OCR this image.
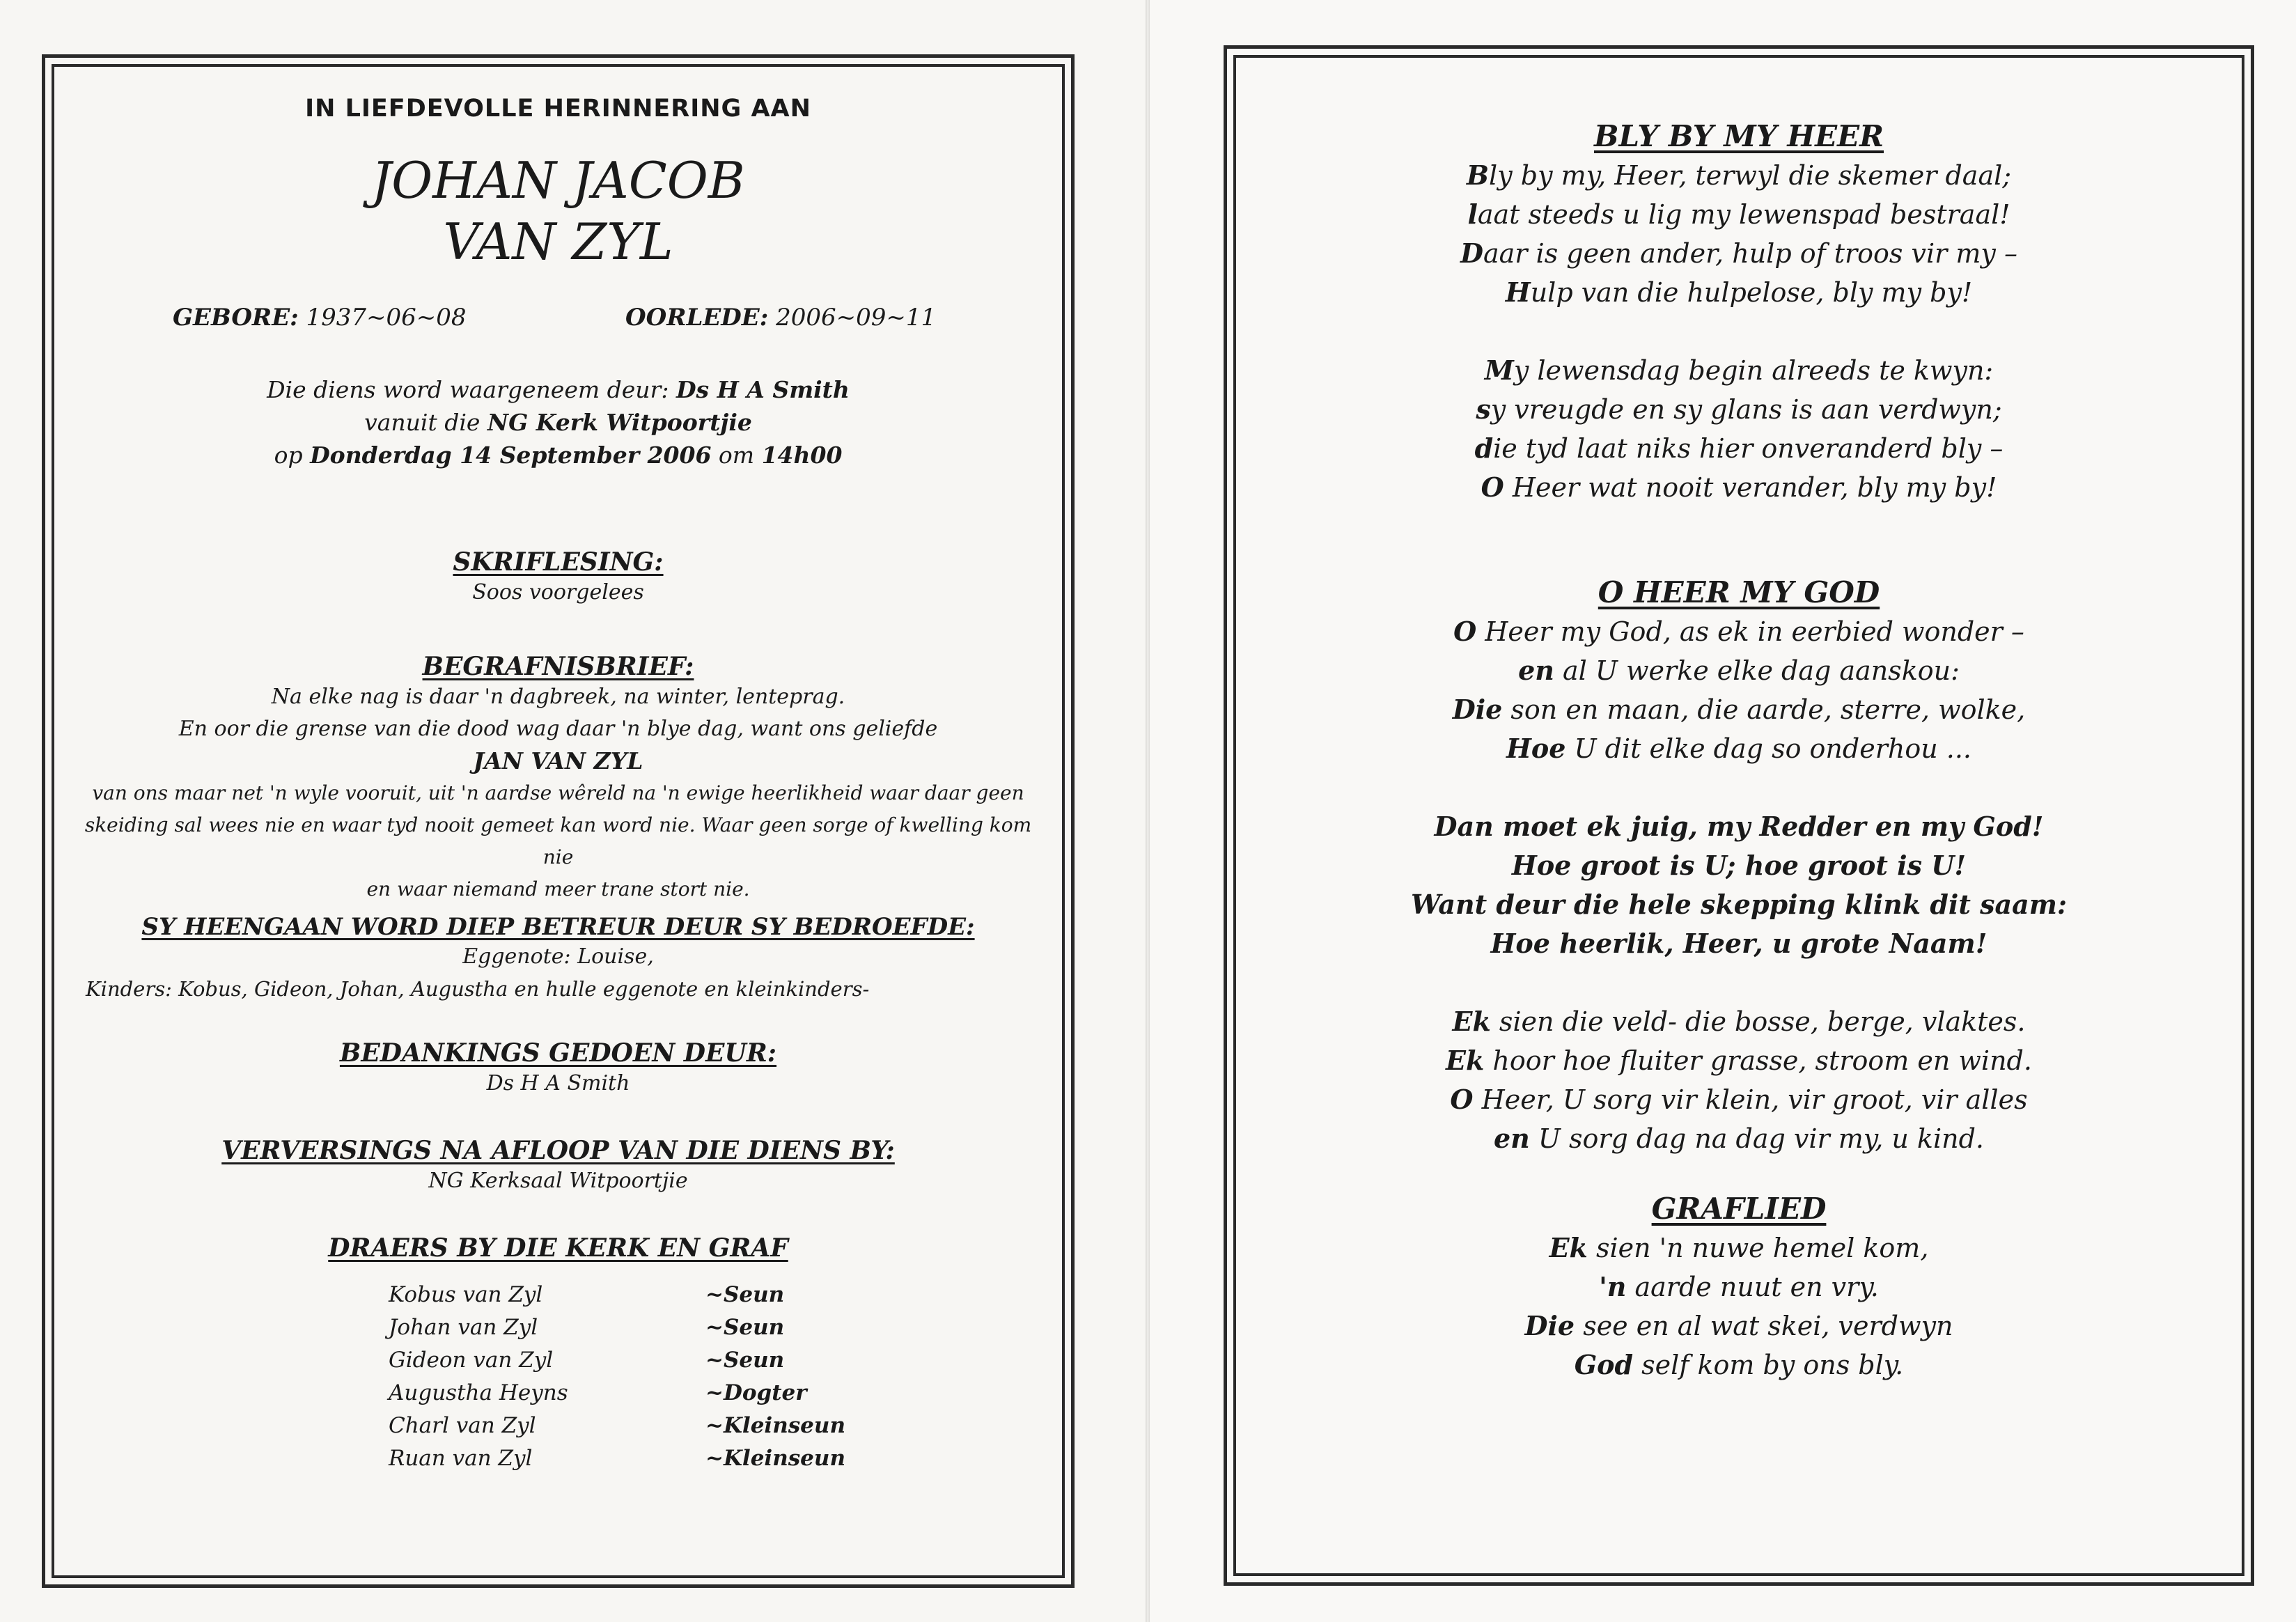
IN LIEFDEVOLLE HERINNERING AAN
JOHAN JACOB
VAN ZYL
GEBORE: 1937~06~08	OORLEDE: 2006~09~11
Die diens word waargeneem deur: Ds H A Smith
vanuit die NG Kerk Witpoortjie
op Donderdag 14 September 2006 om 14h00
SKRIFLESING:
Soos voorgelees
BEGRAFNISBRIEF:
Na elke nag is daar 'n dagbreek, na winter, lenteprag.
En oor die grense van die dood wag daar 'n blye dag, want ons geliefde
JAN VAN ZYL
van ons maar net 'n wyle vooruit, uit 'n aardse wêreld na 'n ewige heerlikheid waar daar geen
skeiding sal wees nie en waar tyd nooit gemeet kan word nie. Waar geen sorge of kwelling kom nie
en waar niemand meer trane stort nie.
SY HEENGAAN WORD DIEP BETREUR DEUR SY BEDROEFDE:
Eggenote: Louise,
Kinders: Kobus, Gideon, Johan, Augustha en hulle eggenote en kleinkinders-
BEDANKINGS GEDOEN DEUR:
Ds H A Smith
VERVERSINGS NA AFLOOP VAN DIE DIENS BY:
NG Kerksaal Witpoortjie
DRAERS BY DIE KERK EN GRAF
Kobus van Zyl	~Seun
Johan van Zyl	~Seun
Gideon van Zyl	~Seun
Augustha Heyns	~Dogter
Charl van Zyl	~Kleinseun
Ruan van Zyl	~Kleinseun
BLY BY MY HEER
Bly by my, Heer, terwyl die skemer daal;
laat steeds u lig my lewenspad bestraal!
Daar is geen ander, hulp of troos vir my –
Hulp van die hulpelose, bly my by!
My lewensdag begin alreeds te kwyn:
sy vreugde en sy glans is aan verdwyn;
die tyd laat niks hier onveranderd bly –
O Heer wat nooit verander, bly my by!
O HEER MY GOD
O Heer my God, as ek in eerbied wonder –
en al U werke elke dag aanskou:
Die son en maan, die aarde, sterre, wolke,
Hoe U dit elke dag so onderhou ...
Dan moet ek juig, my Redder en my God!
Hoe groot is U; hoe groot is U!
Want deur die hele skepping klink dit saam:
Hoe heerlik, Heer, u grote Naam!
Ek sien die veld- die bosse, berge, vlaktes.
Ek hoor hoe fluiter grasse, stroom en wind.
O Heer, U sorg vir klein, vir groot, vir alles
en U sorg dag na dag vir my, u kind.
GRAFLIED
Ek sien 'n nuwe hemel kom,
'n aarde nuut en vry.
Die see en al wat skei, verdwyn
God self kom by ons bly.
